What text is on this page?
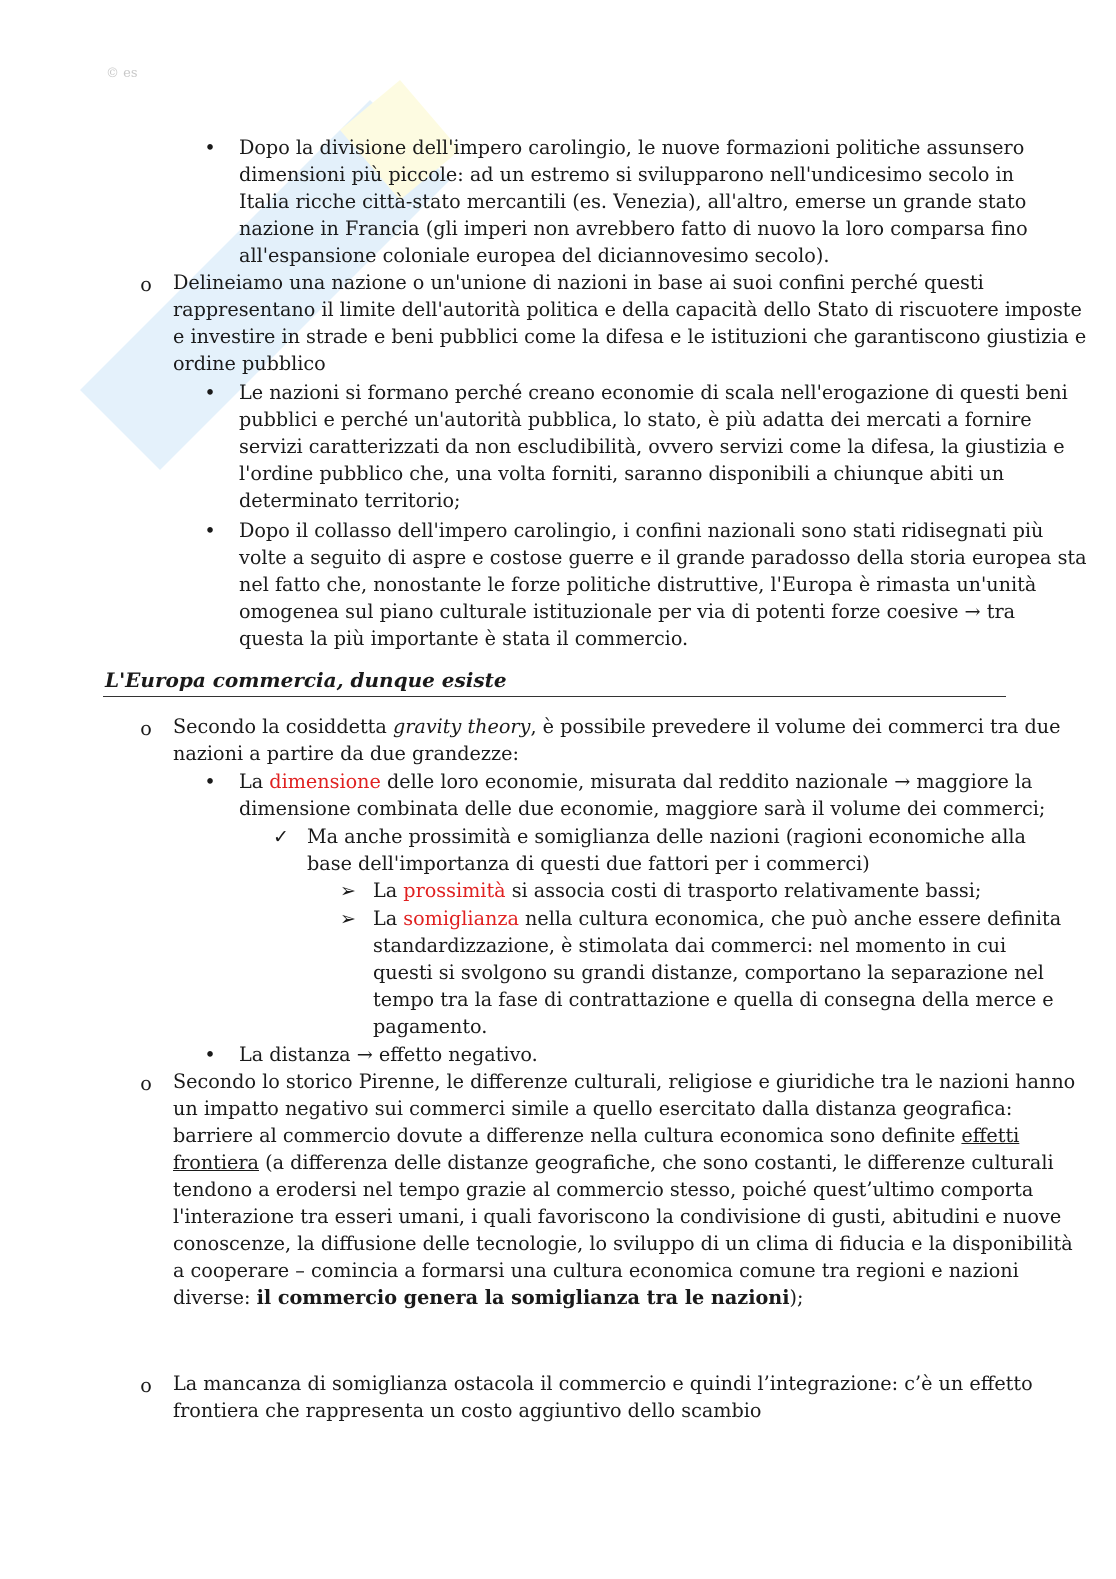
© es
• Dopo la divisione dell'impero carolingio, le nuove formazioni politiche assunsero
dimensioni più piccole: ad un estremo si svilupparono nell'undicesimo secolo in
Italia ricche città-stato mercantili (es. Venezia), all'altro, emerse un grande stato
nazione in Francia (gli imperi non avrebbero fatto di nuovo la loro comparsa fino
all'espansione coloniale europea del diciannovesimo secolo).
o Delineiamo una nazione o un'unione di nazioni in base ai suoi confini perché questi
rappresentano il limite dell'autorità politica e della capacità dello Stato di riscuotere imposte
e investire in strade e beni pubblici come la difesa e le istituzioni che garantiscono giustizia e
ordine pubblico
• Le nazioni si formano perché creano economie di scala nell'erogazione di questi beni
pubblici e perché un'autorità pubblica, lo stato, è più adatta dei mercati a fornire
servizi caratterizzati da non escludibilità, ovvero servizi come la difesa, la giustizia e
l'ordine pubblico che, una volta forniti, saranno disponibili a chiunque abiti un
determinato territorio;
• Dopo il collasso dell'impero carolingio, i confini nazionali sono stati ridisegnati più
volte a seguito di aspre e costose guerre e il grande paradosso della storia europea sta
nel fatto che, nonostante le forze politiche distruttive, l'Europa è rimasta un'unità
omogenea sul piano culturale istituzionale per via di potenti forze coesive → tra
questa la più importante è stata il commercio.
L'Europa commercia, dunque esiste
o Secondo la cosiddetta gravity theory, è possibile prevedere il volume dei commerci tra due
nazioni a partire da due grandezze:
• La dimensione delle loro economie, misurata dal reddito nazionale → maggiore la
dimensione combinata delle due economie, maggiore sarà il volume dei commerci;
✓ Ma anche prossimità e somiglianza delle nazioni (ragioni economiche alla
base dell'importanza di questi due fattori per i commerci)
➢ La prossimità si associa costi di trasporto relativamente bassi;
➢ La somiglianza nella cultura economica, che può anche essere definita
standardizzazione, è stimolata dai commerci: nel momento in cui
questi si svolgono su grandi distanze, comportano la separazione nel
tempo tra la fase di contrattazione e quella di consegna della merce e
pagamento.
• La distanza → effetto negativo.
o Secondo lo storico Pirenne, le differenze culturali, religiose e giuridiche tra le nazioni hanno
un impatto negativo sui commerci simile a quello esercitato dalla distanza geografica:
barriere al commercio dovute a differenze nella cultura economica sono definite effetti
frontiera (a differenza delle distanze geografiche, che sono costanti, le differenze culturali
tendono a erodersi nel tempo grazie al commercio stesso, poiché quest’ultimo comporta
l'interazione tra esseri umani, i quali favoriscono la condivisione di gusti, abitudini e nuove
conoscenze, la diffusione delle tecnologie, lo sviluppo di un clima di fiducia e la disponibilità
a cooperare – comincia a formarsi una cultura economica comune tra regioni e nazioni
diverse: il commercio genera la somiglianza tra le nazioni);
o La mancanza di somiglianza ostacola il commercio e quindi l’integrazione: c’è un effetto
frontiera che rappresenta un costo aggiuntivo dello scambio
